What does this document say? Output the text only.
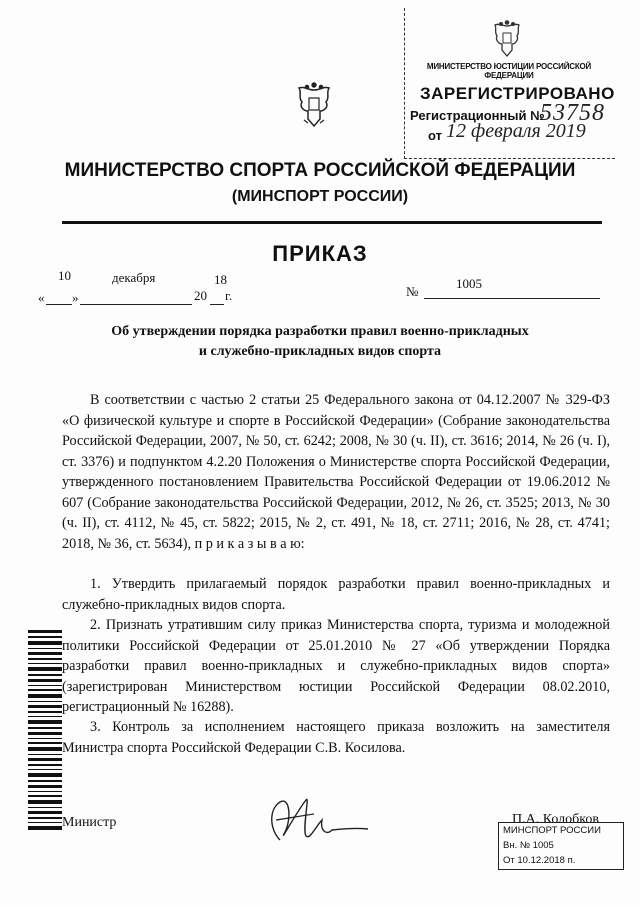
МИНИСТЕРСТВО ЮСТИЦИИ РОССИЙСКОЙ ФЕДЕРАЦИИ
ЗАРЕГИСТРИРОВАНО
Регистрационный №
53758
от 12 февраля 2019
МИНИСТЕРСТВО СПОРТА РОССИЙСКОЙ ФЕДЕРАЦИИ
(МИНСПОРТ РОССИИ)
ПРИКАЗ
«
10
»
декабря
20
18
г.	№
1005
Об утверждении порядка разработки правил военно-прикладных
и служебно-прикладных видов спорта
В соответствии с частью 2 статьи 25 Федерального закона от 04.12.2007 № 329-ФЗ «О физической культуре и спорте в Российской Федерации» (Собрание законодательства Российской Федерации, 2007, № 50, ст. 6242; 2008, № 30 (ч. II), ст. 3616; 2014, № 26 (ч. I), ст. 3376) и подпунктом 4.2.20 Положения о Министерстве спорта Российской Федерации, утвержденного постановлением Правительства Российской Федерации от 19.06.2012 № 607 (Собрание законодательства Российской Федерации, 2012, № 26, ст. 3525; 2013, № 30 (ч. II), ст. 4112, № 45, ст. 5822; 2015, № 2, ст. 491, № 18, ст. 2711; 2016, № 28, ст. 4741; 2018, № 36, ст. 5634), п р и к а з ы в а ю:
1. Утвердить прилагаемый порядок разработки правил военно-прикладных и служебно-прикладных видов спорта.
2. Признать утратившим силу приказ Министерства спорта, туризма и молодежной политики Российской Федерации от 25.01.2010 № 27 «Об утверждении Порядка разработки правил военно-прикладных и служебно-прикладных видов спорта» (зарегистрирован Министерством юстиции Российской Федерации 08.02.2010, регистрационный № 16288).
3. Контроль за исполнением настоящего приказа возложить на заместителя Министра спорта Российской Федерации С.В. Косилова.
Министр	П.А. Колобков
МИНСПОРТ РОССИИ
Вн. № 1005
От 10.12.2018 п.
